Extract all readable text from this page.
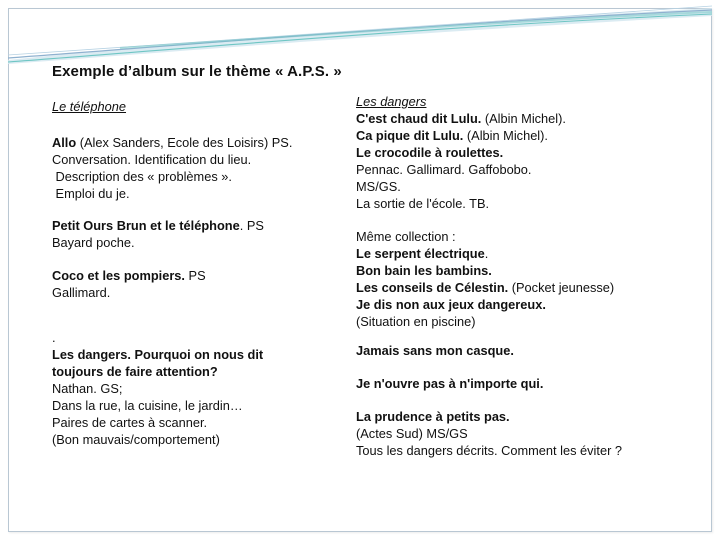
Exemple d’album sur le thème « A.P.S. »
Le téléphone
Allo (Alex Sanders, Ecole des Loisirs) PS.
Conversation. Identification du lieu.
Description des « problèmes ».
Emploi du je.
Petit Ours Brun et le téléphone. PS
Bayard poche.
Coco et les pompiers. PS
Gallimard.
.
Les dangers. Pourquoi on nous dit
toujours de faire attention?
Nathan. GS;
Dans la rue, la cuisine, le jardin…
Paires de cartes à scanner.
(Bon mauvais/comportement)
Les dangers
C'est chaud dit Lulu. (Albin Michel).
Ca pique dit Lulu. (Albin Michel).
Le crocodile à roulettes.
Pennac. Gallimard. Gaffobobo.
MS/GS.
La sortie de l'école. TB.
Même collection :
Le serpent électrique.
Bon bain les bambins.
Les conseils de Célestin. (Pocket jeunesse)
Je dis non aux jeux dangereux.
(Situation en piscine)
Jamais sans mon casque.
Je n'ouvre pas à n'importe qui.
La prudence à petits pas.
(Actes Sud) MS/GS
Tous les dangers décrits. Comment les éviter ?
